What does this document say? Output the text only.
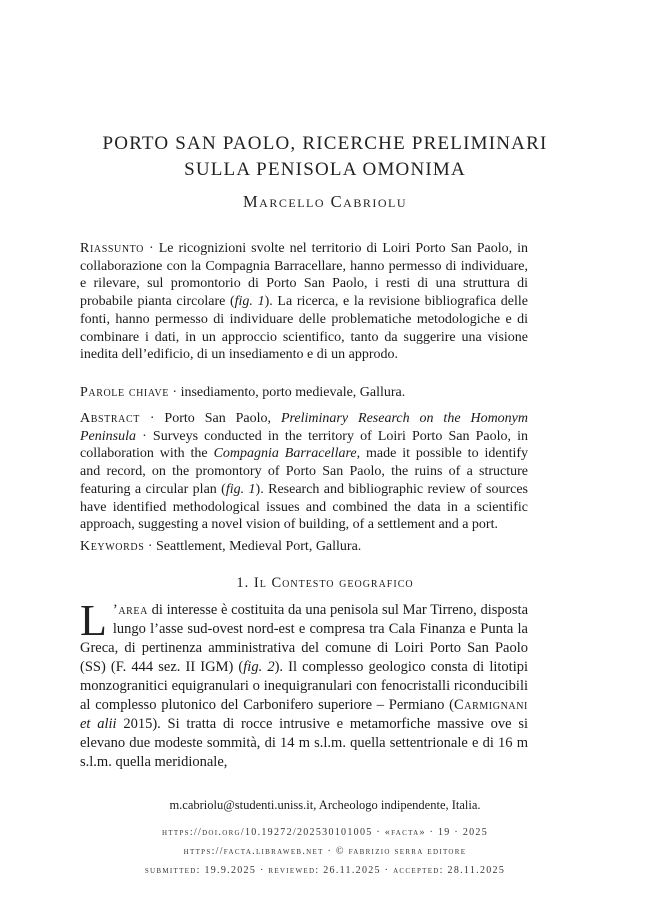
PORTO SAN PAOLO, RICERCHE PRELIMINARI
SULLA PENISOLA OMONIMA
Marcello Cabriolu

Riassunto · Le ricognizioni svolte nel territorio di Loiri Porto San Paolo, in collaborazione con la Compagnia Barracellare, hanno permesso di individuare, e rilevare, sul promontorio di Porto San Paolo, i resti di una struttura di probabile pianta circolare (fig. 1). La ricerca, e la revisione bibliografica delle fonti, hanno permesso di individuare delle problematiche metodologiche e di combinare i dati, in un approccio scientifico, tanto da suggerire una visione inedita dell’edificio, di un insediamento e di un approdo.

Parole chiave · insediamento, porto medievale, Gallura.

Abstract · Porto San Paolo, Preliminary Research on the Homonym Peninsula · Surveys conducted in the territory of Loiri Porto San Paolo, in collaboration with the Compagnia Barracellare, made it possible to identify and record, on the promontory of Porto San Paolo, the ruins of a structure featuring a circular plan (fig. 1). Research and bibliographic review of sources have identified methodological issues and combined the data in a scientific approach, suggesting a novel vision of building, of a settlement and a port.

Keywords · Seattlement, Medieval Port, Gallura.

1. Il Contesto geografico

L ’area di interesse è costituita da una penisola sul Mar Tirreno, disposta lungo l’asse sud-ovest nord-est e compresa tra Cala Finanza e Punta la Greca, di pertinenza amministrativa del comune di Loiri Porto San Paolo (SS) (F. 444 sez. II IGM) (fig. 2). Il complesso geologico consta di litotipi monzogranitici equigranulari o inequigranulari con fenocristalli riconducibili al complesso plutonico del Carbonifero superiore – Permiano (Carmignani et alii 2015). Si tratta di rocce intrusive e metamorfiche massive ove si elevano due modeste sommità, di 14 m s.l.m. quella settentrionale e di 16 m s.l.m. quella meridionale,

m.cabriolu@studenti.uniss.it, Archeologo indipendente, Italia.
https://doi.org/10.19272/202530101005 · «facta» · 19 · 2025
https://facta.libraweb.net · © fabrizio serra editore
submitted: 19.9.2025 · reviewed: 26.11.2025 · accepted: 28.11.2025
